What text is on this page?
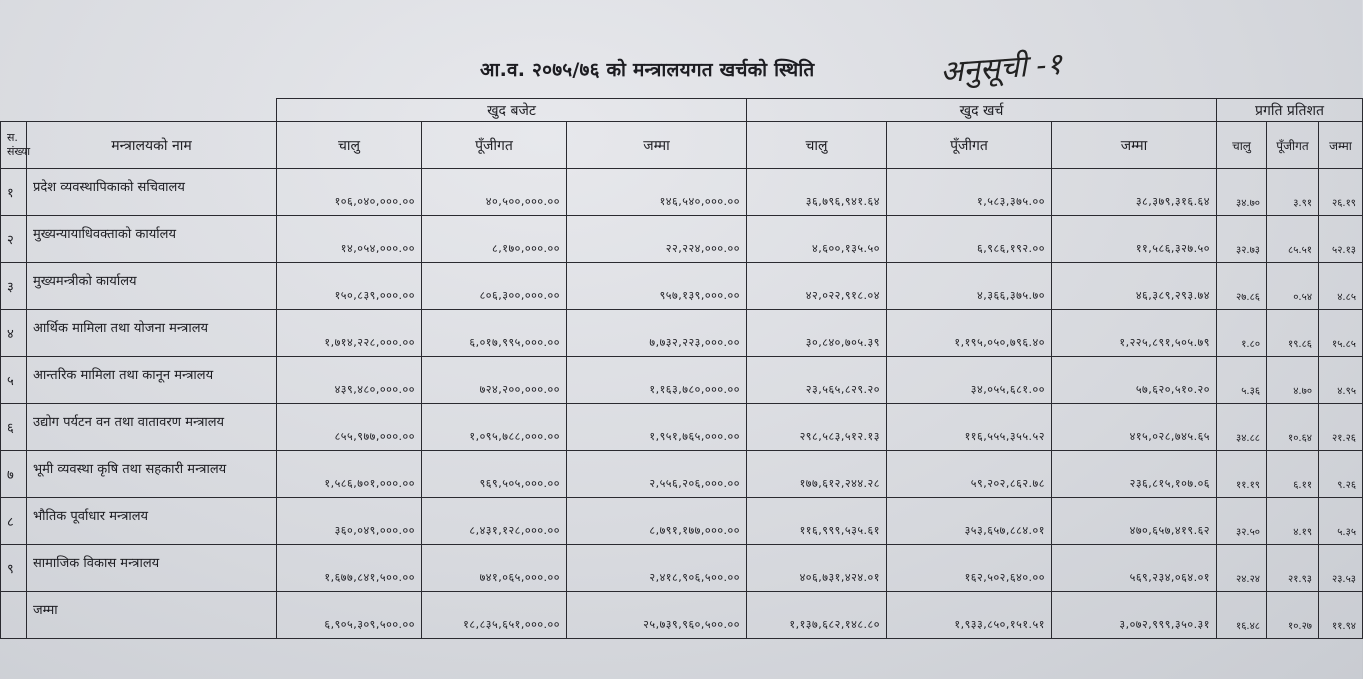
आ.व. २०७५/७६ को मन्त्रालयगत खर्चको स्थिति	अनुसूची -१
		खुद बजेट			खुद खर्च			प्रगति प्रतिशत		
स.
संख्या	मन्त्रालयको नाम	चालु	पूँजीगत	जम्मा	चालु	पूँजीगत	जम्मा	चालु	पूँजीगत	जम्मा
१	प्रदेश व्यवस्थापिकाको सचिवालय	१०६,०४०,०००.००	४०,५००,०००.००	१४६,५४०,०००.००	३६,७९६,९४१.६४	१,५८३,३७५.००	३८,३७९,३१६.६४	३४.७०	३.९१	२६.१९
२	मुख्यन्यायाधिवक्ताको कार्यालय	१४,०५४,०००.००	८,१७०,०००.००	२२,२२४,०००.००	४,६००,१३५.५०	६,९८६,१९२.००	११,५८६,३२७.५०	३२.७३	८५.५१	५२.१३
३	मुख्यमन्त्रीको कार्यालय	१५०,८३९,०००.००	८०६,३००,०००.००	९५७,१३९,०००.००	४२,०२२,९१८.०४	४,३६६,३७५.७०	४६,३८९,२९३.७४	२७.८६	०.५४	४.८५
४	आर्थिक मामिला तथा योजना मन्त्रालय	१,७१४,२२८,०००.००	६,०१७,९९५,०००.००	७,७३२,२२३,०००.००	३०,८४०,७०५.३९	१,१९५,०५०,७९६.४०	१,२२५,८९१,५०५.७९	१.८०	१९.८६	१५.८५
५	आन्तरिक मामिला तथा कानून मन्त्रालय	४३९,४८०,०००.००	७२४,२००,०००.००	१,१६३,७८०,०००.००	२३,५६५,८२९.२०	३४,०५५,६८१.००	५७,६२०,५१०.२०	५.३६	४.७०	४.९५
६	उद्योग पर्यटन वन तथा वातावरण मन्त्रालय	८५५,९७७,०००.००	१,०९५,७८८,०००.००	१,९५१,७६५,०००.००	२९८,५८३,५१२.१३	११६,५५५,३५५.५२	४१५,०२८,७४५.६५	३४.८८	१०.६४	२१.२६
७	भूमी व्यवस्था कृषि तथा सहकारी मन्त्रालय	१,५८६,७०१,०००.००	९६९,५०५,०००.००	२,५५६,२०६,०००.००	१७७,६१२,२४४.२८	५९,२०२,८६२.७८	२३६,८१५,१०७.०६	११.१९	६.११	९.२६
८	भौतिक पूर्वाधार मन्त्रालय	३६०,०४९,०००.००	८,४३१,१२८,०००.००	८,७९१,१७७,०००.००	११६,९९९,५३५.६१	३५३,६५७,८८४.०१	४७०,६५७,४१९.६२	३२.५०	४.१९	५.३५
९	सामाजिक विकास मन्त्रालय	१,६७७,८४१,५००.००	७४१,०६५,०००.००	२,४१८,९०६,५००.००	४०६,७३१,४२४.०१	१६२,५०२,६४०.००	५६९,२३४,०६४.०१	२४.२४	२१.९३	२३.५३
	जम्मा	६,९०५,३०९,५००.००	१८,८३५,६५१,०००.००	२५,७३९,९६०,५००.००	१,१३७,६८२,१४८.८०	१,९३३,८५०,१५१.५१	३,०७२,९९९,३५०.३१	१६.४८	१०.२७	११.९४
